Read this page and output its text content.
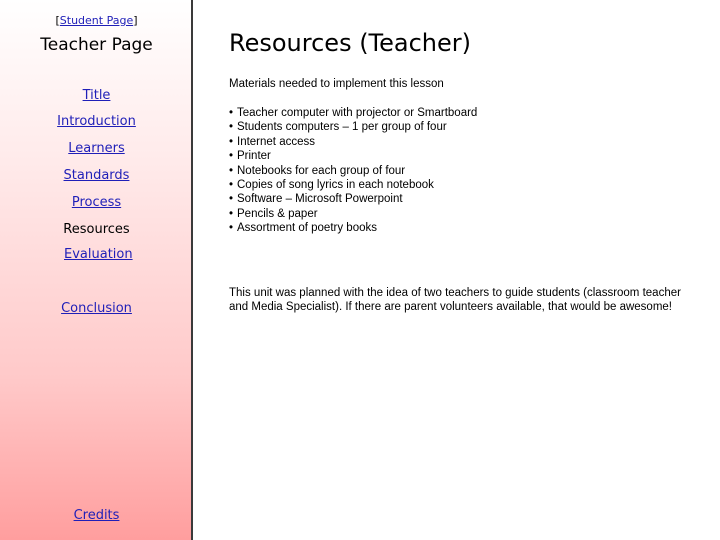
[Student Page]
Teacher Page
Title
Introduction
Learners
Standards
Process
Resources
Evaluation
Conclusion
Credits
Resources (Teacher)
Materials needed to implement this lesson
• Teacher computer with projector or Smartboard
• Students computers – 1 per group of four
• Internet access
• Printer
• Notebooks for each group of four
• Copies of song lyrics in each notebook
• Software – Microsoft Powerpoint
• Pencils & paper
• Assortment of poetry books
This unit was planned with the idea of two teachers to guide students (classroom teacher and Media Specialist). If there are parent volunteers available, that would be awesome!
